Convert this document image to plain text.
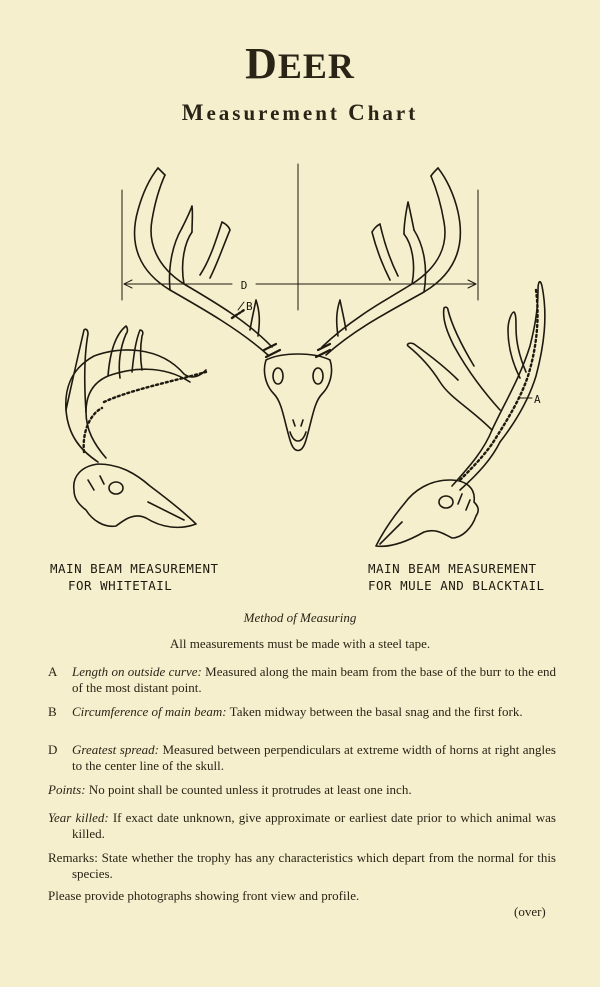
DEER
Measurement Chart
D
B
A
MAIN BEAM MEASUREMENT
FOR WHITETAIL
MAIN BEAM MEASUREMENT
FOR MULE AND BLACKTAIL
Method of Measuring
All measurements must be made with a steel tape.
A Length on outside curve: Measured along the main beam from the base of the burr to the end of the most distant point.
B Circumference of main beam: Taken midway between the basal snag and the first fork.
D Greatest spread: Measured between perpendiculars at extreme width of horns at right angles to the center line of the skull.
Points: No point shall be counted unless it protrudes at least one inch.
Year killed: If exact date unknown, give approximate or earliest date prior to which animal was killed.
Remarks: State whether the trophy has any characteristics which depart from the normal for this species.
Please provide photographs showing front view and profile.
(over)
